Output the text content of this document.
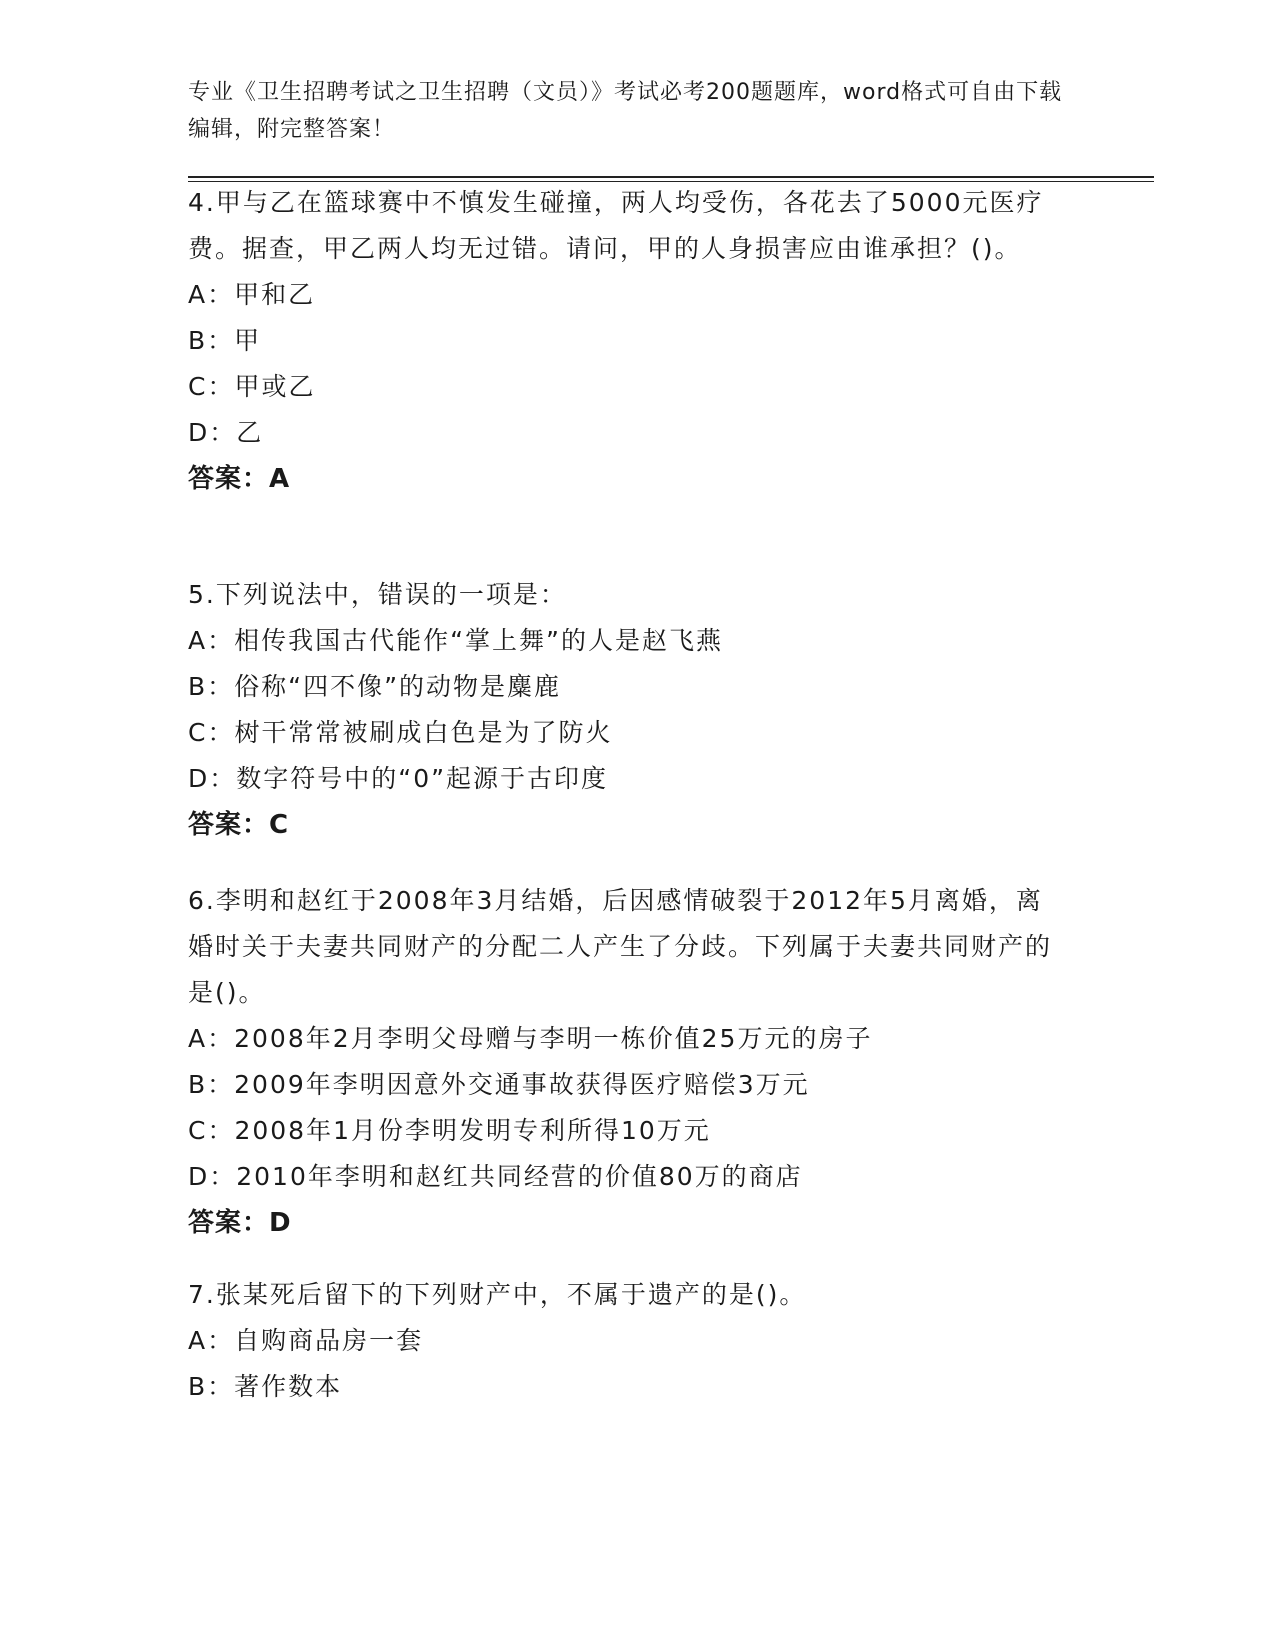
专业《卫生招聘考试之卫生招聘（文员）》考试必考200题题库，word格式可自由下载编辑，附完整答案！
4.甲与乙在篮球赛中不慎发生碰撞，两人均受伤，各花去了5000元医疗费。据查，甲乙两人均无过错。请问，甲的人身损害应由谁承担？()。
A：甲和乙
B：甲
C：甲或乙
D：乙
答案：A
5.下列说法中，错误的一项是：
A：相传我国古代能作“掌上舞”的人是赵飞燕
B：俗称“四不像”的动物是麋鹿
C：树干常常被刷成白色是为了防火
D：数字符号中的“0”起源于古印度
答案：C
6.李明和赵红于2008年3月结婚，后因感情破裂于2012年5月离婚，离婚时关于夫妻共同财产的分配二人产生了分歧。下列属于夫妻共同财产的是()。
A：2008年2月李明父母赠与李明一栋价值25万元的房子
B：2009年李明因意外交通事故获得医疗赔偿3万元
C：2008年1月份李明发明专利所得10万元
D：2010年李明和赵红共同经营的价值80万的商店
答案：D
7.张某死后留下的下列财产中，不属于遗产的是()。
A：自购商品房一套
B：著作数本
